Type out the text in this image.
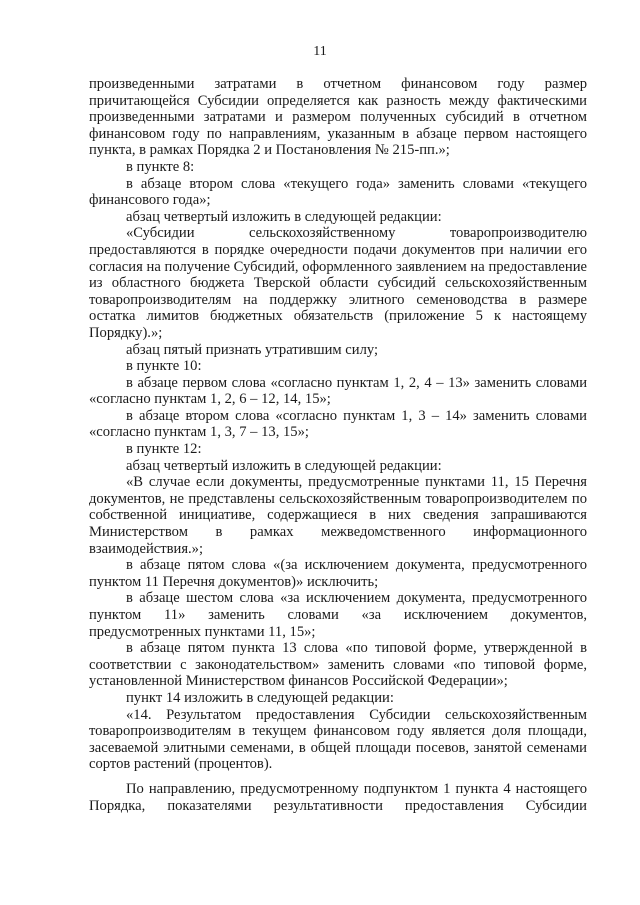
11

произведенными затратами в отчетном финансовом году размер причитающейся Субсидии определяется как разность между фактическими произведенными затратами и размером полученных субсидий в отчетном финансовом году по направлениям, указанным в абзаце первом настоящего пункта, в рамках Порядка 2 и Постановления № 215-пп.»;

в пункте 8:

в абзаце втором слова «текущего года» заменить словами «текущего финансового года»;

абзац четвертый изложить в следующей редакции:

«Субсидии сельскохозяйственному товаропроизводителю предоставляются в порядке очередности подачи документов при наличии его согласия на получение Субсидий, оформленного заявлением на предоставление из областного бюджета Тверской области субсидий сельскохозяйственным товаропроизводителям на поддержку элитного семеноводства в размере остатка лимитов бюджетных обязательств (приложение 5 к настоящему Порядку).»;

абзац пятый признать утратившим силу;

в пункте 10:

в абзаце первом слова «согласно пунктам 1, 2, 4 – 13» заменить словами «согласно пунктам 1, 2, 6 – 12, 14, 15»;

в абзаце втором слова «согласно пунктам 1, 3 – 14» заменить словами «согласно пунктам 1, 3, 7 – 13, 15»;

в пункте 12:

абзац четвертый изложить в следующей редакции:

«В случае если документы, предусмотренные пунктами 11, 15 Перечня документов, не представлены сельскохозяйственным товаропроизводителем по собственной инициативе, содержащиеся в них сведения запрашиваются Министерством в рамках межведомственного информационного взаимодействия.»;

в абзаце пятом слова «(за исключением документа, предусмотренного пунктом 11 Перечня документов)» исключить;

в абзаце шестом слова «за исключением документа, предусмотренного пунктом 11» заменить словами «за исключением документов, предусмотренных пунктами 11, 15»;

в абзаце пятом пункта 13 слова «по типовой форме, утвержденной в соответствии с законодательством» заменить словами «по типовой форме, установленной Министерством финансов Российской Федерации»;

пункт 14 изложить в следующей редакции:

«14. Результатом предоставления Субсидии сельскохозяйственным товаропроизводителям в текущем финансовом году является доля площади, засеваемой элитными семенами, в общей площади посевов, занятой семенами сортов растений (процентов).

По направлению, предусмотренному подпунктом 1 пункта 4 настоящего Порядка, показателями результативности предоставления Субсидии
